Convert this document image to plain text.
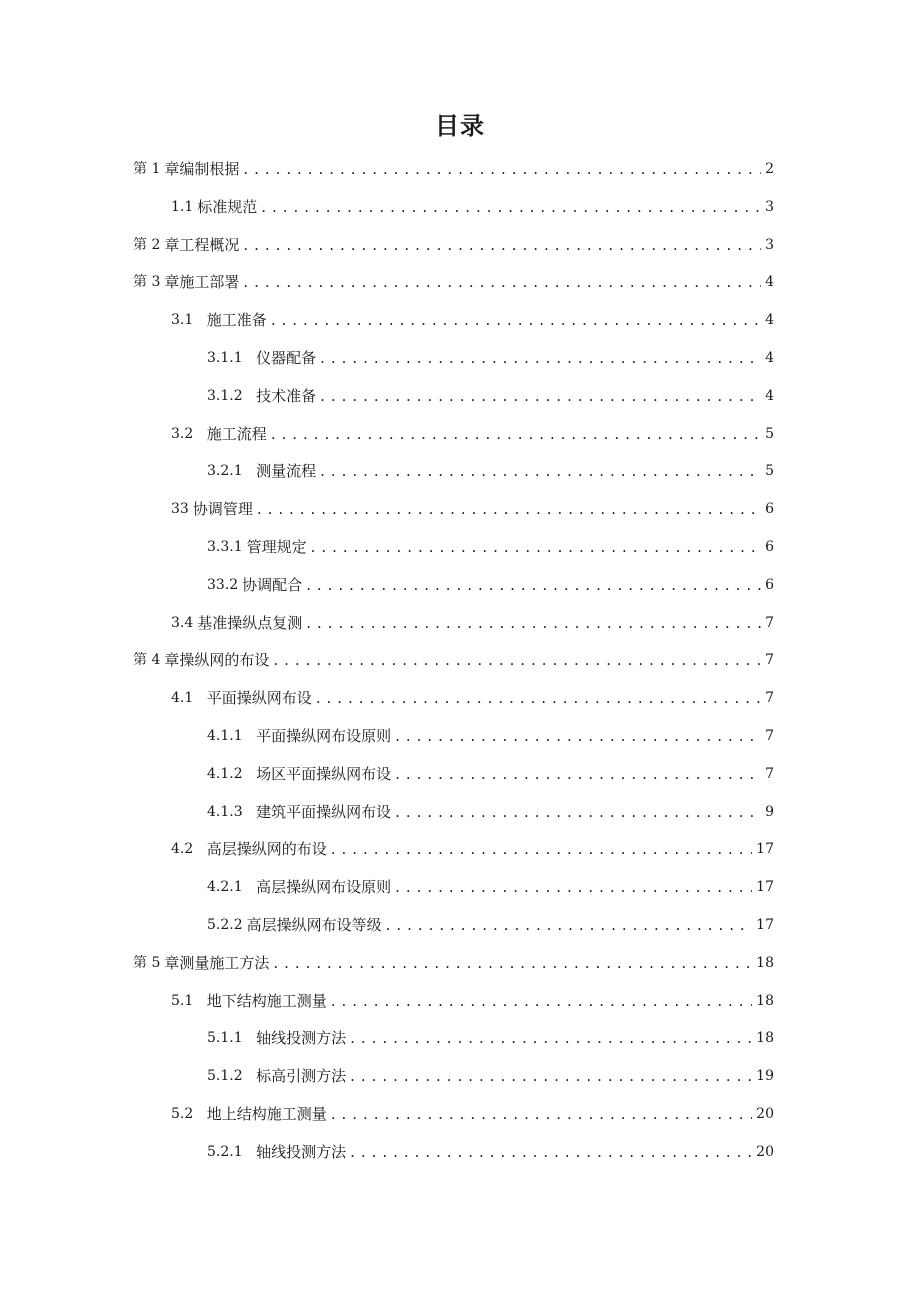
目录
第 1 章编制根据 . . .	2
1.1 标准规范 . . .	3
第 2 章工程概况 . . .	3
第 3 章施工部署 . . .	4
3.1 施工准备 . . .	4
3.1.1 仪器配备 . . .	4
3.1.2 技术准备 . . .	4
3.2 施工流程 . . .	5
3.2.1 测量流程 . . .	5
33 协调管理 . . .	6
3.3.1 管理规定 . . .	6
33.2 协调配合 . . .	6
3.4 基准操纵点复测 . . .	7
第 4 章操纵网的布设 . . .	7
4.1 平面操纵网布设 . . .	7
4.1.1 平面操纵网布设原则 . . .	7
4.1.2 场区平面操纵网布设 . . .	7
4.1.3 建筑平面操纵网布设 . . .	9
4.2 高层操纵网的布设 . . .	17
4.2.1 高层操纵网布设原则 . . .	17
5.2.2 高层操纵网布设等级 . . .	17
第 5 章测量施工方法 . . .	18
5.1 地下结构施工测量 . . .	18
5.1.1 轴线投测方法 . . .	18
5.1.2 标高引测方法 . . .	19
5.2 地上结构施工测量 . . .	20
5.2.1 轴线投测方法 . . .	20
